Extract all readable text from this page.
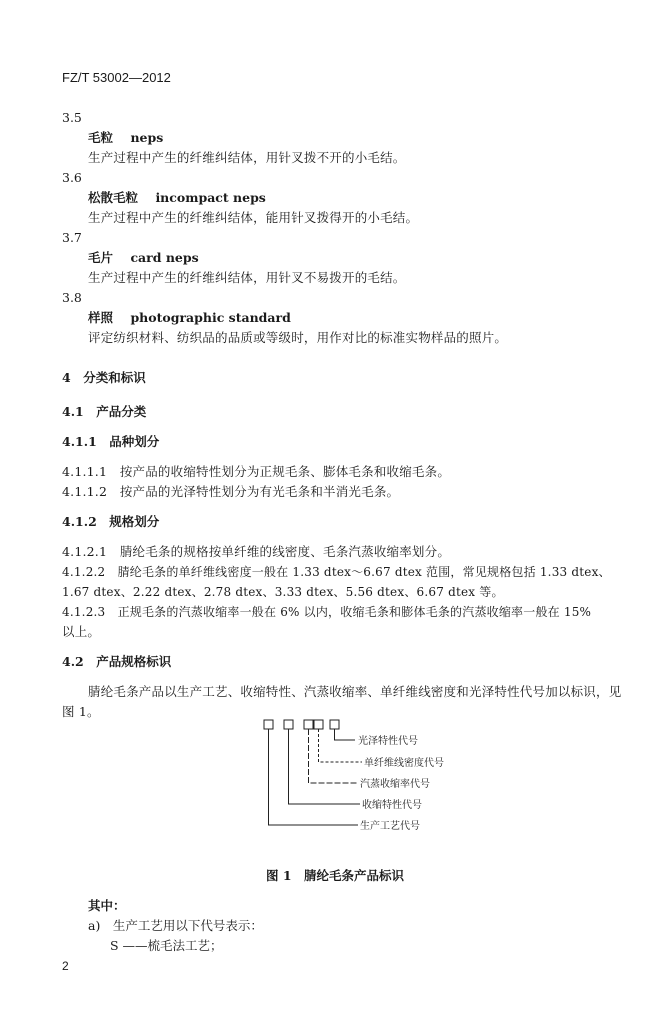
FZ/T 53002—2012
3.5
毛粒 neps
生产过程中产生的纤维纠结体，用针叉拨不开的小毛结。
3.6
松散毛粒 incompact neps
生产过程中产生的纤维纠结体，能用针叉拨得开的小毛结。
3.7
毛片 card neps
生产过程中产生的纤维纠结体，用针叉不易拨开的毛结。
3.8
样照 photographic standard
评定纺织材料、纺织品的品质或等级时，用作对比的标准实物样品的照片。
4　分类和标识
4.1　产品分类
4.1.1　品种划分
4.1.1.1　按产品的收缩特性划分为正规毛条、膨体毛条和收缩毛条。
4.1.1.2　按产品的光泽特性划分为有光毛条和半消光毛条。
4.1.2　规格划分
4.1.2.1　腈纶毛条的规格按单纤维的线密度、毛条汽蒸收缩率划分。
4.1.2.2　腈纶毛条的单纤维线密度一般在 1.33 dtex～6.67 dtex 范围，常见规格包括 1.33 dtex、
1.67 dtex、2.22 dtex、2.78 dtex、3.33 dtex、5.56 dtex、6.67 dtex 等。
4.1.2.3　正规毛条的汽蒸收缩率一般在 6% 以内，收缩毛条和膨体毛条的汽蒸收缩率一般在 15%
以上。
4.2　产品规格标识
腈纶毛条产品以生产工艺、收缩特性、汽蒸收缩率、单纤维线密度和光泽特性代号加以标识，见
图 1。
光泽特性代号
单纤维线密度代号
汽蒸收缩率代号
收缩特性代号
生产工艺代号
图 1　腈纶毛条产品标识
其中：
a)　生产工艺用以下代号表示：
S ——梳毛法工艺；
2
